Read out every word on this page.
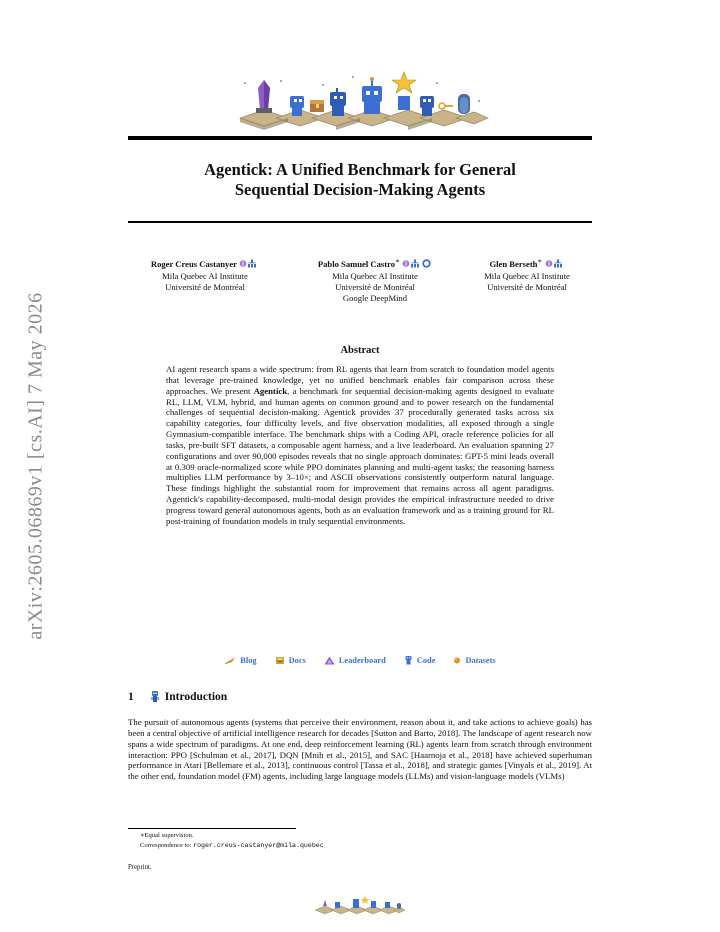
arXiv:2605.06869v1 [cs.AI] 7 May 2026
Agentick: A Unified Benchmark for General
Sequential Decision-Making Agents
Roger Creus Castanyer
Mila Quebec AI Institute
Université de Montréal
Pablo Samuel Castro∗
Mila Quebec AI Institute
Université de Montréal
Google DeepMind
Glen Berseth∗
Mila Quebec AI Institute
Université de Montréal
Abstract
AI agent research spans a wide spectrum: from RL agents that learn from scratch to foundation model agents that leverage pre-trained knowledge, yet no unified benchmark enables fair comparison across these approaches. We present Agentick, a benchmark for sequential decision-making agents designed to evaluate RL, LLM, VLM, hybrid, and human agents on common ground and to power research on the fundamental challenges of sequential decision-making. Agentick provides 37 procedurally generated tasks across six capability categories, four difficulty levels, and five observation modalities, all exposed through a single Gymnasium-compatible interface. The benchmark ships with a Coding API, oracle reference policies for all tasks, pre-built SFT datasets, a composable agent harness, and a live leaderboard. An evaluation spanning 27 configurations and over 90,000 episodes reveals that no single approach dominates: GPT-5 mini leads overall at 0.309 oracle-normalized score while PPO dominates planning and multi-agent tasks; the reasoning harness multiplies LLM performance by 3–10×; and ASCII observations consistently outperform natural language. These findings highlight the substantial room for improvement that remains across all agent paradigms. Agentick's capability-decomposed, multi-modal design provides the empirical infrastructure needed to drive progress toward general autonomous agents, both as an evaluation framework and as a training ground for RL post-training of foundation models in truly sequential environments.
Blog	Docs	Leaderboard	Code	Datasets
1	Introduction
The pursuit of autonomous agents (systems that perceive their environment, reason about it, and take actions to achieve goals) has been a central objective of artificial intelligence research for decades [Sutton and Barto, 2018]. The landscape of agent research now spans a wide spectrum of paradigms. At one end, deep reinforcement learning (RL) agents learn from scratch through environment interaction: PPO [Schulman et al., 2017], DQN [Mnih et al., 2015], and SAC [Haarnoja et al., 2018] have achieved superhuman performance in Atari [Bellemare et al., 2013], continuous control [Tassa et al., 2018], and strategic games [Vinyals et al., 2019]. At the other end, foundation model (FM) agents, including large language models (LLMs) and vision-language models (VLMs)
∗Equal supervision.
Correspondence to: roger.creus-castanyer@mila.quebec
Preprint.
